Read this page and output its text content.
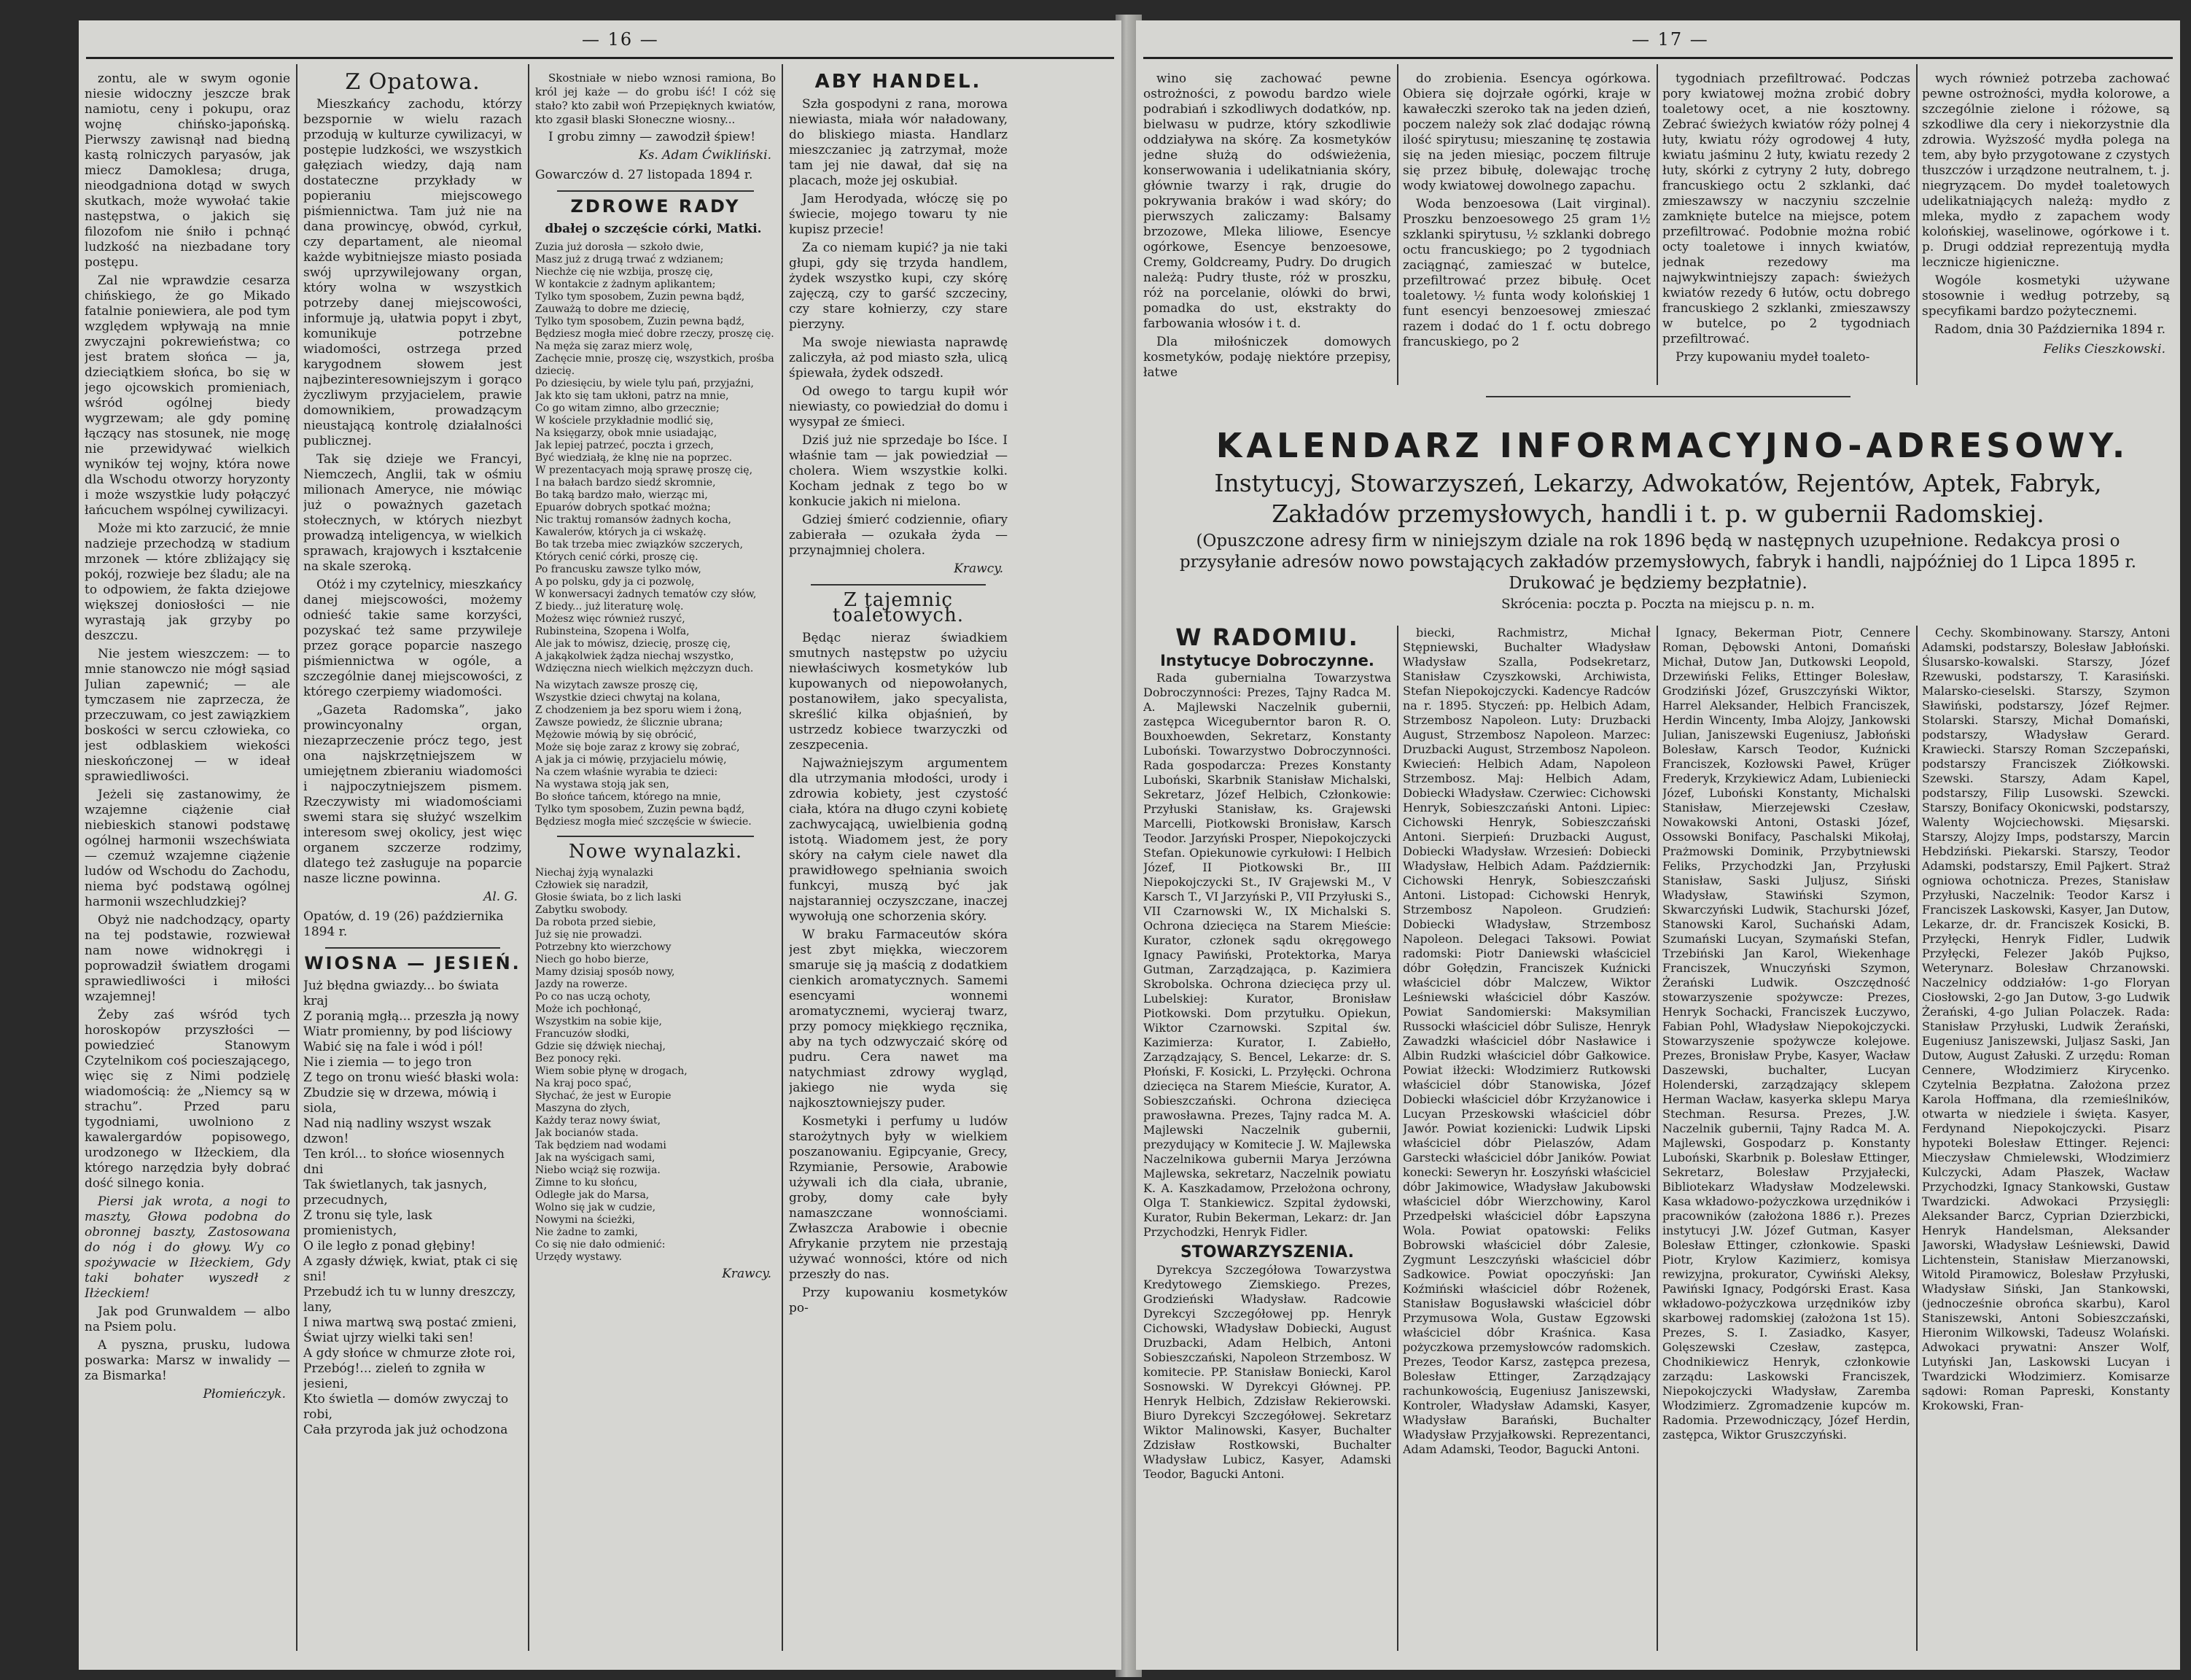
— 16 —

zontu, ale w swym ogonie niesie widoczny jeszcze brak namiotu, ceny i pokupu, oraz wojnę chińsko-japońską. Pierwszy zawisnął nad biedną kastą rolniczych paryasów, jak miecz Damoklesa; druga, nieodgadniona dotąd w swych skutkach, może wywołać takie następstwa, o jakich się filozofom nie śniło i pchnąć ludzkość na niezbadane tory postępu.

Zal nie wprawdzie cesarza chińskiego, że go Mikado fatalnie poniewiera, ale pod tym względem wpływają na mnie zwyczajni pokrewieństwa; co jest bratem słońca — ja, dzieciątkiem słońca, bo się w jego ojcowskich promieniach, wśród ogólnej biedy wygrzewam; ale gdy pominę łączący nas stosunek, nie mogę nie przewidywać wielkich wyników tej wojny, która nowe dla Wschodu otworzy horyzonty i może wszystkie ludy połączyć łańcuchem wspólnej cywilizacyi.

Może mi kto zarzucić, że mnie nadzieje przechodzą w stadium mrzonek — które zbliżający się pokój, rozwieje bez śladu; ale na to odpowiem, że fakta dziejowe większej doniosłości — nie wyrastają jak grzyby po deszczu.

Nie jestem wieszczem: — to mnie stanowczo nie mógł sąsiad Julian zapewnić; — ale tymczasem nie zaprzecza, że przeczuwam, co jest zawiązkiem boskości w sercu człowieka, co jest odblaskiem wiekości nieskończonej — w ideał sprawiedliwości.

Jeżeli się zastanowimy, że wzajemne ciążenie ciał niebieskich stanowi podstawę ogólnej harmonii wszechświata — czemuż wzajemne ciążenie ludów od Wschodu do Zachodu, niema być podstawą ogólnej harmonii wszechludzkiej?

Obyż nie nadchodzący, oparty na tej podstawie, rozwiewał nam nowe widnokręgi i poprowadził światłem drogami sprawiedliwości i miłości wzajemnej!

Żeby zaś wśród tych horoskopów przyszłości — powiedzieć Stanowym Czytelnikom coś pocieszającego, więc się z Nimi podzielę wiadomością: że „Niemcy są w strachu”. Przed paru tygodniami, uwolniono z kawalergardów popisowego, urodzonego w Iłżeckiem, dla którego narzędzia były dobrać dość silnego konia.

Piersi jak wrota, a nogi to maszty, Głowa podobna do obronnej baszty, Zastosowana do nóg i do głowy. Wy co spożywacie w Iłżeckiem, Gdy taki bohater wyszedł z Iłżeckiem!

Jak pod Grunwaldem — albo na Psiem polu.

A pyszna, prusku, ludowa poswarka: Marsz w inwalidy — za Bismarka!

Płomieńczyk.
Z Opatowa.

Mieszkańcy zachodu, którzy bezspornie w wielu razach przodują w kulturze cywilizacyi, w postępie ludzkości, we wszystkich gałęziach wiedzy, dają nam dostateczne przykłady w popieraniu miejscowego piśmiennictwa. Tam już nie na dana prowincyę, obwód, cyrkuł, czy departament, ale nieomal każde wybitniejsze miasto posiada swój uprzywilejowany organ, który wolna w wszystkich potrzeby danej miejscowości, informuje ją, ułatwia popyt i zbyt, komunikuje potrzebne wiadomości, ostrzega przed karygodnem słowem jest najbezinteresowniejszym i gorąco życzliwym przyjacielem, prawie domownikiem, prowadzącym nieustającą kontrolę działalności publicznej.

Tak się dzieje we Francyi, Niemczech, Anglii, tak w ośmiu milionach Ameryce, nie mówiąc już o poważnych gazetach stołecznych, w których niezbyt prowadzą inteligencya, w wielkich sprawach, krajowych i kształcenie na skale szeroką.

Otóż i my czytelnicy, mieszkańcy danej miejscowości, możemy odnieść takie same korzyści, pozyskać też same przywileje przez gorące poparcie naszego piśmiennictwa w ogóle, a szczególnie danej miejscowości, z którego czerpiemy wiadomości.

„Gazeta Radomska”, jako prowincyonalny organ, niezaprzeczenie prócz tego, jest ona najskrzętniejszem w umiejętnem zbieraniu wiadomości i najpoczytniejszem pismem. Rzeczywisty mi wiadomościami swemi stara się służyć wszelkim interesom swej okolicy, jest więc organem szczerze rodzimy, dlatego też zasługuje na poparcie nasze liczne powinna.

Al. G.
Opatów, d. 19 (26) października 1894 r.
WIOSNA — JESIEŃ.

Już błędna gwiazdy... bo świata kraj

Z poranią mgłą... przeszła ją nowy

Wiatr promienny, by pod liściowy

Wabić się na fale i wód i pól!

Nie i ziemia — to jego tron

Z tego on tronu wieść błaski wola:

Zbudzie się w drzewa, mówią i siola,

Nad nią nadliny wszyst wszak dzwon!

Ten król... to słońce wiosennych dni

Tak świetlanych, tak jasnych, przecudnych,

Z tronu się tyle, lask promienistych,

O ile legło z ponad głębiny!

A zgasły dźwięk, kwiat, ptak ci się sni!

Przebudź ich tu w lunny dreszczy, lany,

I niwa martwą swą postać zmieni,

Świat ujrzy wielki taki sen!

A gdy słońce w chmurze złote roi,

Przebóg!... zieleń to zgniła w jesieni,

Kto świetla — domów zwyczaj to robi,

Cała przyroda jak już ochodzona

Skostniałe w niebo wznosi ramiona, Bo król jej każe — do grobu iść! I cóż się stało? kto zabił woń Przepięknych kwiatów, kto zgasił blaski Słoneczne wiosny...

I grobu zimny — zawodził śpiew!

Ks. Adam Ćwikliński.
Gowarczów d. 27 listopada 1894 r.
ZDROWE RADY
dbałej o szczęście córki, Matki.

Zuzia już dorosła — szkoło dwie,

Masz już z drugą trwać z wdzianem;

Niechże cię nie wzbija, proszę cię,

W kontakcie z żadnym aplikantem;

Tylko tym sposobem, Zuzin pewna bądź,

Zauważą to dobre me dziecię,

Tylko tym sposobem, Zuzin pewna bądź,

Będziesz mogła mieć dobre rzeczy, proszę cię.

Na męża się zaraz mierz wolę,

Zachęcie mnie, proszę cię, wszystkich, prośba dziecię.

Po dziesięciu, by wiele tylu pań, przyjaźni,

Jak kto się tam ukłoni, patrz na mnie,

Co go witam zimno, albo grzecznie;

W kościele przykładnie modlić się,

Na księgarzy, obok mnie usiadając,

Jak lepiej patrzeć, poczta i grzech,

Być wiedziałą, że klnę nie na poprzec.

W prezentacyach moją sprawę proszę cię,

I na bałach bardzo siedź skromnie,

Bo taką bardzo mało, wierząc mi,

Epuarów dobrych spotkać można;

Nic traktuj romansów żadnych kocha,

Kawalerów, których ja ci wskażę.

Bo tak trzeba miec związków szczerych,

Których cenić córki, proszę cię.

Po francusku zawsze tylko mów,

A po polsku, gdy ja ci pozwolę,

W konwersacyi żadnych tematów czy słów,

Z biedy... już literaturę wolę.

Możesz więc również ruszyć,

Rubinsteina, Szopena i Wolfa,

Ale jak to mówisz, dziecię, proszę cię,

A jakąkolwiek żądza niechaj wszystko,

Wdzięczna niech wielkich mężczyzn duch.

Na wizytach zawsze proszę cię,

Wszystkie dzieci chwytaj na kolana,

Z chodzeniem ja bez sporu wiem i żoną,

Zawsze powiedz, że ślicznie ubrana;

Mężowie mówią by się obrócić,

Może się boje zaraz z krowy się zobrać,

A jak ja ci mówię, przyjacielu mówię,

Na czem właśnie wyrabia te dzieci:

Na wystawa stoją jak sen,

Bo słońce tańcem, którego na mnie,

Tylko tym sposobem, Zuzin pewna bądź,

Będziesz mogła mieć szczęście w świecie.

Nowe wynalazki.

Niechaj żyją wynalazki

Człowiek się naradził,

Głosie świata, bo z lich laski

Zabytku swobody.

Da robota przed siebie,

Już się nie prowadzi.

Potrzebny kto wierzchowy

Niech go hobo bierze,

Mamy dzisiaj sposób nowy,

Jazdy na rowerze.

Po co nas uczą ochoty,

Może ich pochłonąć,

Wszystkim na sobie kije,

Francuzów słodki,

Gdzie się dźwięk niechaj,

Bez ponocy ręki.

Wiem sobie płynę w drogach,

Na kraj poco spać,

Słychać, że jest w Europie

Maszyna do złych,

Każdy teraz nowy świat,

Jak bocianów stada.

Tak będziem nad wodami

Jak na wyścigach sami,

Niebo wciąż się rozwija.

Zimne to ku słońcu,

Odległe jak do Marsa,

Wolno się jak w cudzie,

Nowymi na ścieżki,

Nie żadne to zamki,

Co się nie dało odmienić:

Urzędy wystawy.

Krawcy.
ABY HANDEL.

Szła gospodyni z rana, morowa niewiasta, miała wór naładowany, do bliskiego miasta. Handlarz mieszczaniec ją zatrzymał, może tam jej nie dawał, dał się na placach, może jej oskubiał.

Jam Herodyada, włóczę się po świecie, mojego towaru ty nie kupisz przecie!

Za co niemam kupić? ja nie taki głupi, gdy się trzyda handlem, żydek wszystko kupi, czy skórę zajęczą, czy to garść szczeciny, czy stare kołnierzy, czy stare pierzyny.

Ma swoje niewiasta naprawdę zaliczyła, aż pod miasto szła, ulicą śpiewała, żydek odszedł.

Od owego to targu kupił wór niewiasty, co powiedział do domu i wysypał ze śmieci.

Dziś już nie sprzedaje bo Iśce. I właśnie tam — jak powiedział — cholera. Wiem wszystkie kolki. Kocham jednak z tego bo w konkucie jakich ni mielona.

Gdziej śmierć codziennie, ofiary zabierała — ozukała żyda — przynajmniej cholera.

Krawcy.
Z tajemnic toaletowych.

Będąc nieraz świadkiem smutnych następstw po użyciu niewłaściwych kosmetyków lub kupowanych od niepowołanych, postanowiłem, jako specyalista, skreślić kilka objaśnień, by ustrzedz kobiece twarzyczki od zeszpecenia.

Najważniejszym argumentem dla utrzymania młodości, urody i zdrowia kobiety, jest czystość ciała, która na długo czyni kobietę zachwycającą, uwielbienia godną istotą. Wiadomem jest, że pory skóry na całym ciele nawet dla prawidłowego spełniania swoich funkcyi, muszą być jak najstaranniej oczyszczane, inaczej wywołują one schorzenia skóry.

W braku Farmaceutów skóra jest zbyt miękka, wieczorem smaruje się ją maścią z dodatkiem cienkich aromatycznych. Samemi esencyami wonnemi aromatycznemi, wycieraj twarz, przy pomocy miękkiego ręcznika, aby na tych odzwyczaić skórę od pudru. Cera nawet ma natychmiast zdrowy wygląd, jakiego nie wyda się najkosztowniejszy puder.

Kosmetyki i perfumy u ludów starożytnych były w wielkiem poszanowaniu. Egipcyanie, Grecy, Rzymianie, Persowie, Arabowie używali ich dla ciała, ubranie, groby, domy całe były namaszczane wonnościami. Zwłaszcza Arabowie i obecnie Afrykanie przytem nie przestają używać wonności, które od nich przeszły do nas.

Przy kupowaniu kosmetyków po-

— 17 —

wino się zachować pewne ostrożności, z powodu bardzo wiele podrabiań i szkodliwych dodatków, np. bielwasu w pudrze, który szkodliwie oddziaływa na skórę. Za kosmetyków jedne służą do odświeżenia, konserwowania i udelikatniania skóry, głównie twarzy i rąk, drugie do pokrywania braków i wad skóry; do pierwszych zaliczamy: Balsamy brzozowe, Mleka liliowe, Esencye ogórkowe, Esencye benzoesowe, Cremy, Goldcreamy, Pudry. Do drugich należą: Pudry tłuste, róż w proszku, róż na porcelanie, olówki do brwi, pomadka do ust, ekstrakty do farbowania włosów i t. d.

Dla miłośniczek domowych kosmetyków, podaję niektóre przepisy, łatwe

do zrobienia. Esencya ogórkowa. Obiera się dojrzałe ogórki, kraje w kawałeczki szeroko tak na jeden dzień, poczem należy sok zlać dodając równą ilość spirytusu; mieszaninę tę zostawia się na jeden miesiąc, poczem filtruje się przez bibułę, dolewając trochę wody kwiatowej dowolnego zapachu.

Woda benzoesowa (Lait virginal). Proszku benzoesowego 25 gram 1½ szklanki spirytusu, ½ szklanki dobrego octu francuskiego; po 2 tygodniach zaciągnąć, zamieszać w butelce, przefiltrować przez bibułę. Ocet toaletowy. ½ funta wody kolońskiej 1 funt esencyi benzoesowej zmieszać razem i dodać do 1 f. octu dobrego francuskiego, po 2

tygodniach przefiltrować. Podczas pory kwiatowej można zrobić dobry toaletowy ocet, a nie kosztowny. Zebrać świeżych kwiatów róży polnej 4 łuty, kwiatu róży ogrodowej 4 łuty, kwiatu jaśminu 2 łuty, kwiatu rezedy 2 łuty, skórki z cytryny 2 łuty, dobrego francuskiego octu 2 szklanki, dać zmieszawszy w naczyniu szczelnie zamknięte butelce na miejsce, potem przefiltrować. Podobnie można robić octy toaletowe i innych kwiatów, jednak rezedowy ma najwykwintniejszy zapach: świeżych kwiatów rezedy 6 łutów, octu dobrego francuskiego 2 szklanki, zmieszawszy w butelce, po 2 tygodniach przefiltrować.

Przy kupowaniu mydeł toaleto-

wych również potrzeba zachować pewne ostrożności, mydła kolorowe, a szczególnie zielone i różowe, są szkodliwe dla cery i niekorzystnie dla zdrowia. Wyższość mydła polega na tem, aby było przygotowane z czystych tłuszczów i urządzone neutralnem, t. j. niegryzącem. Do mydeł toaletowych udelikatniających należą: mydło z mleka, mydło z zapachem wody kolońskiej, waselinowe, ogórkowe i t. p. Drugi oddział reprezentują mydła lecznicze higieniczne.

Wogóle kosmetyki używane stosownie i według potrzeby, są specyfikami bardzo pożytecznemi.

Radom, dnia 30 Października 1894 r.
Feliks Cieszkowski.
KALENDARZ INFORMACYJNO-ADRESOWY.
Instytucyj, Stowarzyszeń, Lekarzy, Adwokatów, Rejentów, Aptek, Fabryk, Zakładów przemysłowych, handli i t. p. w gubernii Radomskiej.
(Opuszczone adresy firm w niniejszym dziale na rok 1896 będą w następnych uzupełnione. Redakcya prosi o przysyłanie adresów nowo powstających zakładów przemysłowych, fabryk i handli, najpóźniej do 1 Lipca 1895 r. Drukować je będziemy bezpłatnie).
Skrócenia: poczta p. Poczta na miejscu p. n. m.
W RADOMIU.
Instytucye Dobroczynne.

Rada gubernialna Towarzystwa Dobroczynności: Prezes, Tajny Radca M. A. Majlewski Naczelnik gubernii, zastępca Wiceguberntor baron R. O. Bouxhoewden, Sekretarz, Konstanty Luboński. Towarzystwo Dobroczynności. Rada gospodarcza: Prezes Konstanty Luboński, Skarbnik Stanisław Michalski, Sekretarz, Józef Helbich, Członkowie: Przyłuski Stanisław, ks. Grajewski Marcelli, Piotkowski Bronisław, Karsch Teodor. Jarzyński Prosper, Niepokojczycki Stefan. Opiekunowie cyrkułowi: I Helbich Józef, II Piotkowski Br., III Niepokojczycki St., IV Grajewski M., V Karsch T., VI Jarzyński P., VII Przyłuski S., VII Czarnowski W., IX Michalski S. Ochrona dziecięca na Starem Mieście: Kurator, członek sądu okręgowego Ignacy Pawiński, Protektorka, Marya Gutman, Zarządzająca, p. Kazimiera Skrobolska. Ochrona dziecięca przy ul. Lubelskiej: Kurator, Bronisław Piotkowski. Dom przytułku. Opiekun, Wiktor Czarnowski. Szpital św. Kazimierza: Kurator, I. Zabiełło, Zarządzający, S. Bencel, Lekarze: dr. S. Płoński, F. Kosicki, L. Przyłęcki. Ochrona dziecięca na Starem Mieście, Kurator, A. Sobieszczański. Ochrona dziecięca prawosławna. Prezes, Tajny radca M. A. Majlewski Naczelnik gubernii, prezydujący w Komitecie J. W. Majlewska Naczelnikowa gubernii Marya Jerzówna Majlewska, sekretarz, Naczelnik powiatu K. A. Kaszkadamow, Przełożona ochrony, Olga T. Stankiewicz. Szpital żydowski, Kurator, Rubin Bekerman, Lekarz: dr. Jan Przychodzki, Henryk Fidler.

STOWARZYSZENIA.

Dyrekcya Szczegółowa Towarzystwa Kredytowego Ziemskiego. Prezes, Grodzieński Władysław. Radcowie Dyrekcyi Szczegółowej pp. Henryk Cichowski, Władysław Dobiecki, August Druzbacki, Adam Helbich, Antoni Sobieszczański, Napoleon Strzembosz. W komitecie. PP. Stanisław Boniecki, Karol Sosnowski. W Dyrekcyi Głównej. PP. Henryk Helbich, Zdzisław Rekierowski. Biuro Dyrekcyi Szczegółowej. Sekretarz Wiktor Malinowski, Kasyer, Buchalter Zdzisław Rostkowski, Buchalter Władysław Lubicz, Kasyer, Adamski Teodor, Bagucki Antoni.

biecki, Rachmistrz, Michał Stępniewski, Buchalter Władysław Władysław Szalla, Podsekretarz, Stanisław Czyszkowski, Archiwista, Stefan Niepokojczycki. Kadencye Radców na r. 1895. Styczeń: pp. Helbich Adam, Strzembosz Napoleon. Luty: Druzbacki August, Strzembosz Napoleon. Marzec: Druzbacki August, Strzembosz Napoleon. Kwiecień: Helbich Adam, Napoleon Strzembosz. Maj: Helbich Adam, Dobiecki Władysław. Czerwiec: Cichowski Henryk, Sobieszczański Antoni. Lipiec: Cichowski Henryk, Sobieszczański Antoni. Sierpień: Druzbacki August, Dobiecki Władysław. Wrzesień: Dobiecki Władysław, Helbich Adam. Październik: Cichowski Henryk, Sobieszczański Antoni. Listopad: Cichowski Henryk, Strzembosz Napoleon. Grudzień: Dobiecki Władysław, Strzembosz Napoleon. Delegaci Taksowi. Powiat radomski: Piotr Daniewski właściciel dóbr Gołędzin, Franciszek Kuźnicki właściciel dóbr Malczew, Wiktor Leśniewski właściciel dóbr Kaszów. Powiat Sandomierski: Maksymilian Russocki właściciel dóbr Sulisze, Henryk Zawadzki właściciel dóbr Nasławice i Albin Rudzki właściciel dóbr Gałkowice. Powiat iłżecki: Włodzimierz Rutkowski właściciel dóbr Stanowiska, Józef Dobiecki właściciel dóbr Krzyżanowice i Lucyan Przeskowski właściciel dóbr Jawór. Powiat kozienicki: Ludwik Lipski właściciel dóbr Pielaszów, Adam Garstecki właściciel dóbr Janików. Powiat konecki: Seweryn hr. Łoszyński właściciel dóbr Jakimowice, Władysław Jakubowski właściciel dóbr Wierzchowiny, Karol Przedpełski właściciel dóbr Łapszyna Wola. Powiat opatowski: Feliks Bobrowski właściciel dóbr Zalesie, Zygmunt Leszczyński właściciel dóbr Sadkowice. Powiat opoczyński: Jan Koźmiński właściciel dóbr Rożenek, Stanisław Bogusławski właściciel dóbr Przymusowa Wola, Gustaw Egzowski właściciel dóbr Kraśnica. Kasa pożyczkowa przemysłowców radomskich. Prezes, Teodor Karsz, zastępca prezesa, Bolesław Ettinger, Zarządzający rachunkowością, Eugeniusz Janiszewski, Kontroler, Władysław Adamski, Kasyer, Władysław Barański, Buchalter Władysław Przyjałkowski. Reprezentanci, Adam Adamski, Teodor, Bagucki Antoni.

Ignacy, Bekerman Piotr, Cennere Roman, Dębowski Antoni, Domański Michał, Dutow Jan, Dutkowski Leopold, Drzewiński Feliks, Ettinger Bolesław, Grodziński Józef, Gruszczyński Wiktor, Harrel Aleksander, Helbich Franciszek, Herdin Wincenty, Imba Alojzy, Jankowski Julian, Janiszewski Eugeniusz, Jabłoński Bolesław, Karsch Teodor, Kuźnicki Franciszek, Kozłowski Paweł, Krüger Frederyk, Krzykiewicz Adam, Lubieniecki Józef, Luboński Konstanty, Michalski Stanisław, Mierzejewski Czesław, Nowakowski Antoni, Ostaski Józef, Ossowski Bonifacy, Paschalski Mikołaj, Prażmowski Dominik, Przybytniewski Feliks, Przychodzki Jan, Przyłuski Stanisław, Saski Juljusz, Siński Władysław, Stawiński Szymon, Skwarczyński Ludwik, Stachurski Józef, Stanowski Karol, Suchański Adam, Szumański Lucyan, Szymański Stefan, Trzebiński Jan Karol, Wiekenhage Franciszek, Wnuczyński Szymon, Żerański Ludwik. Oszczędność stowarzyszenie spożywcze: Prezes, Henryk Sochacki, Franciszek Łuczywo, Fabian Pohl, Władysław Niepokojczycki. Stowarzyszenie spożywcze kolejowe. Prezes, Bronisław Prybe, Kasyer, Wacław Daszewski, buchalter, Lucyan Holenderski, zarządzający sklepem Herman Wacław, kasyerka sklepu Marya Stechman. Resursa. Prezes, J.W. Naczelnik gubernii, Tajny Radca M. A. Majlewski, Gospodarz p. Konstanty Luboński, Skarbnik p. Bolesław Ettinger, Sekretarz, Bolesław Przyjałecki, Bibliotekarz Władysław Modzelewski. Kasa wkładowo-pożyczkowa urzędników i pracowników (założona 1886 r.). Prezes instytucyi J.W. Józef Gutman, Kasyer Bolesław Ettinger, członkowie. Spaski Piotr, Krylow Kazimierz, komisya rewizyjna, prokurator, Cywiński Aleksy, Pawiński Ignacy, Podgórski Erast. Kasa wkładowo-pożyczkowa urzędników izby skarbowej radomskiej (założona 1st 15). Prezes, S. I. Zasiadko, Kasyer, Golęszewski Czesław, zastępca, Chodnikiewicz Henryk, członkowie zarządu: Laskowski Franciszek, Niepokojczycki Władysław, Zaremba Włodzimierz. Zgromadzenie kupców m. Radomia. Przewodniczący, Józef Herdin, zastępca, Wiktor Gruszczyński.

Cechy. Skombinowany. Starszy, Antoni Adamski, podstarszy, Bolesław Jabłoński. Ślusarsko-kowalski. Starszy, Józef Rzewuski, podstarszy, T. Karasiński. Malarsko-cieselski. Starszy, Szymon Sławiński, podstarszy, Józef Rejmer. Stolarski. Starszy, Michał Domański, podstarszy, Władysław Gerard. Krawiecki. Starszy Roman Szczepański, podstarszy Franciszek Ziółkowski. Szewski. Starszy, Adam Kapel, podstarszy, Filip Lusowski. Szewcki. Starszy, Bonifacy Okonicwski, podstarszy, Walenty Wojciechowski. Mięsarski. Starszy, Alojzy Imps, podstarszy, Marcin Hebdziński. Piekarski. Starszy, Teodor Adamski, podstarszy, Emil Pajkert. Straż ogniowa ochotnicza. Prezes, Stanisław Przyłuski, Naczelnik: Teodor Karsz i Franciszek Laskowski, Kasyer, Jan Dutow, Lekarze, dr. dr. Franciszek Kosicki, B. Przyłęcki, Henryk Fidler, Ludwik Przyłęcki, Felezer Jakób Pujkso, Weterynarz. Bolesław Chrzanowski. Naczelnicy oddziałów: 1-go Floryan Ciosłowski, 2-go Jan Dutow, 3-go Ludwik Żerański, 4-go Julian Polaczek. Rada: Stanisław Przyłuski, Ludwik Żerański, Eugeniusz Janiszewski, Juljasz Saski, Jan Dutow, August Załuski. Z urzędu: Roman Cennere, Włodzimierz Kirycenko. Czytelnia Bezpłatna. Założona przez Karola Hoffmana, dla rzemieślników, otwarta w niedziele i święta. Kasyer, Ferdynand Niepokojczycki. Pisarz hypoteki Bolesław Ettinger. Rejenci: Mieczysław Chmielewski, Włodzimierz Kulczycki, Adam Płaszek, Wacław Przychodzki, Ignacy Stankowski, Gustaw Twardzicki. Adwokaci Przysięgli: Aleksander Barcz, Cyprian Dzierzbicki, Henryk Handelsman, Aleksander Jaworski, Władysław Leśniewski, Dawid Lichtenstein, Stanisław Mierzanowski, Witold Piramowicz, Bolesław Przyłuski, Władysław Siński, Jan Stankowski, (jednocześnie obrońca skarbu), Karol Staniszewski, Antoni Sobieszczański, Hieronim Wilkowski, Tadeusz Wolański. Adwokaci prywatni: Anszer Wolf, Lutyński Jan, Laskowski Lucyan i Twardzicki Włodzimierz. Komisarze sądowi: Roman Papreski, Konstanty Krokowski, Fran-
